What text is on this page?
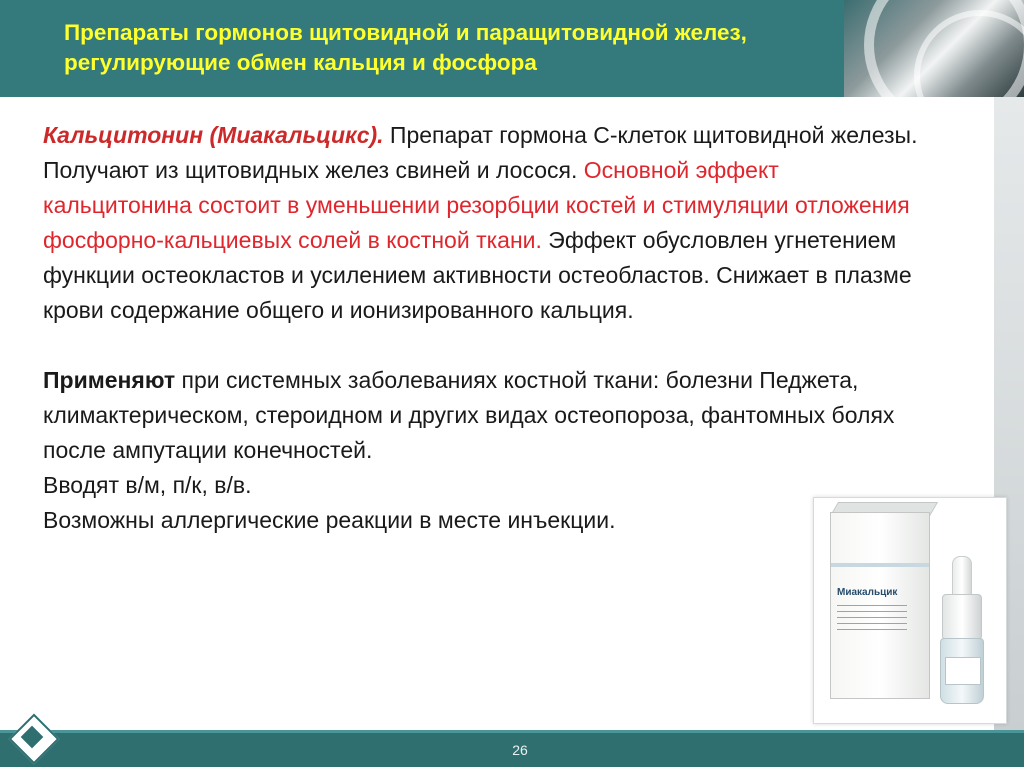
Препараты гормонов щитовидной и паращитовидной желез,
регулирующие обмен кальция и фосфора

Кальцитонин (Миакальцикс). Препарат гормона С-клеток щитовидной железы. Получают из щитовидных желез свиней и лосося. Основной эффект кальцитонина состоит в уменьшении резорбции костей и стимуляции отложения фосфорно-кальциевых солей в костной ткани. Эффект обусловлен угнетением функции остеокластов и усилением активности остеобластов. Снижает в плазме крови содержание общего и ионизированного кальция.

Применяют при системных заболеваниях костной ткани: болезни Педжета, климактерическом, стероидном и других видах остеопороза, фантомных болях после ампутации конечностей.

Вводят в/м, п/к, в/в.

Возможны аллергические реакции в месте инъекции.

Миакальцик
26
